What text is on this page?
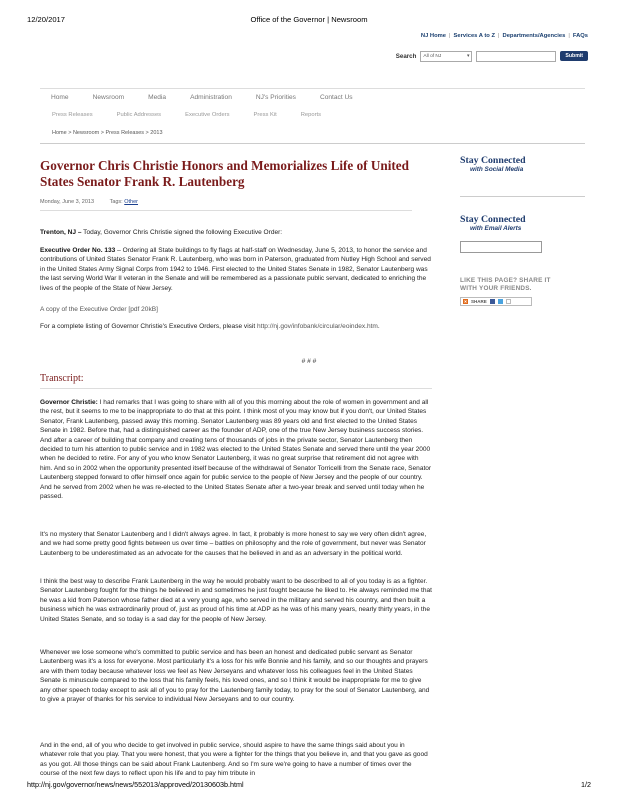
12/20/2017	Office of the Governor | Newsroom
NJ Home | Services A to Z | Departments/Agencies | FAQs
Search All of NJ	▾	Submit
Home	Newsroom	Media	Administration	NJ's Priorities	Contact Us
Press Releases	Public Addresses	Executive Orders	Press Kit	Reports
Home > Newsroom > Press Releases > 2013
Governor Chris Christie Honors and Memorializes Life of United States Senator Frank R. Lautenberg
Monday, June 3, 2013	Tags: Other

Trenton, NJ – Today, Governor Chris Christie signed the following Executive Order:

Executive Order No. 133 – Ordering all State buildings to fly flags at half-staff on Wednesday, June 5, 2013, to honor the service and contributions of United States Senator Frank R. Lautenberg, who was born in Paterson, graduated from Nutley High School and served in the United States Army Signal Corps from 1942 to 1946. First elected to the United States Senate in 1982, Senator Lautenberg was the last serving World War II veteran in the Senate and will be remembered as a passionate public servant, dedicated to enriching the lives of the people of the State of New Jersey.

A copy of the Executive Order [pdf 20kB]

For a complete listing of Governor Christie's Executive Orders, please visit http://nj.gov/infobank/circular/eoindex.htm.

# # #
Transcript:

Governor Christie: I had remarks that I was going to share with all of you this morning about the role of women in government and all the rest, but it seems to me to be inappropriate to do that at this point. I think most of you may know but if you don't, our United States Senator, Frank Lautenberg, passed away this morning. Senator Lautenberg was 89 years old and first elected to the United States Senate in 1982. Before that, had a distinguished career as the founder of ADP, one of the true New Jersey business success stories. And after a career of building that company and creating tens of thousands of jobs in the private sector, Senator Lautenberg then decided to turn his attention to public service and in 1982 was elected to the United States Senate and served there until the year 2000 when he decided to retire. For any of you who know Senator Lautenberg, it was no great surprise that retirement did not agree with him. And so in 2002 when the opportunity presented itself because of the withdrawal of Senator Torricelli from the Senate race, Senator Lautenberg stepped forward to offer himself once again for public service to the people of New Jersey and the people of our country. And he served from 2002 when he was re-elected to the United States Senate after a two-year break and served until today when he passed.

It's no mystery that Senator Lautenberg and I didn't always agree. In fact, it probably is more honest to say we very often didn't agree, and we had some pretty good fights between us over time – battles on philosophy and the role of government, but never was Senator Lautenberg to be underestimated as an advocate for the causes that he believed in and as an adversary in the political world.

I think the best way to describe Frank Lautenberg in the way he would probably want to be described to all of you today is as a fighter. Senator Lautenberg fought for the things he believed in and sometimes he just fought because he liked to. He always reminded me that he was a kid from Paterson whose father died at a very young age, who served in the military and served his country, and then built a business which he was extraordinarily proud of, just as proud of his time at ADP as he was of his many years, nearly thirty years, in the United States Senate, and so today is a sad day for the people of New Jersey.

Whenever we lose someone who's committed to public service and has been an honest and dedicated public servant as Senator Lautenberg was it's a loss for everyone. Most particularly it's a loss for his wife Bonnie and his family, and so our thoughts and prayers are with them today because whatever loss we feel as New Jerseyans and whatever loss his colleagues feel in the United States Senate is minuscule compared to the loss that his family feels, his loved ones, and so I think it would be inappropriate for me to give any other speech today except to ask all of you to pray for the Lautenberg family today, to pray for the soul of Senator Lautenberg, and to give a prayer of thanks for his service to individual New Jerseyans and to our country.

And in the end, all of you who decide to get involved in public service, should aspire to have the same things said about you in whatever role that you play. That you were honest, that you were a fighter for the things that you believe in, and that you gave as good as you got. All those things can be said about Frank Lautenberg. And so I'm sure we're going to have a number of times over the course of the next few days to reflect upon his life and to pay him tribute in

Stay Connected
with Social Media
Stay Connected
with Email Alerts
LIKE THIS PAGE? SHARE IT
WITH YOUR FRIENDS.
SHARE
http://nj.gov/governor/news/news/552013/approved/20130603b.html	1/2
